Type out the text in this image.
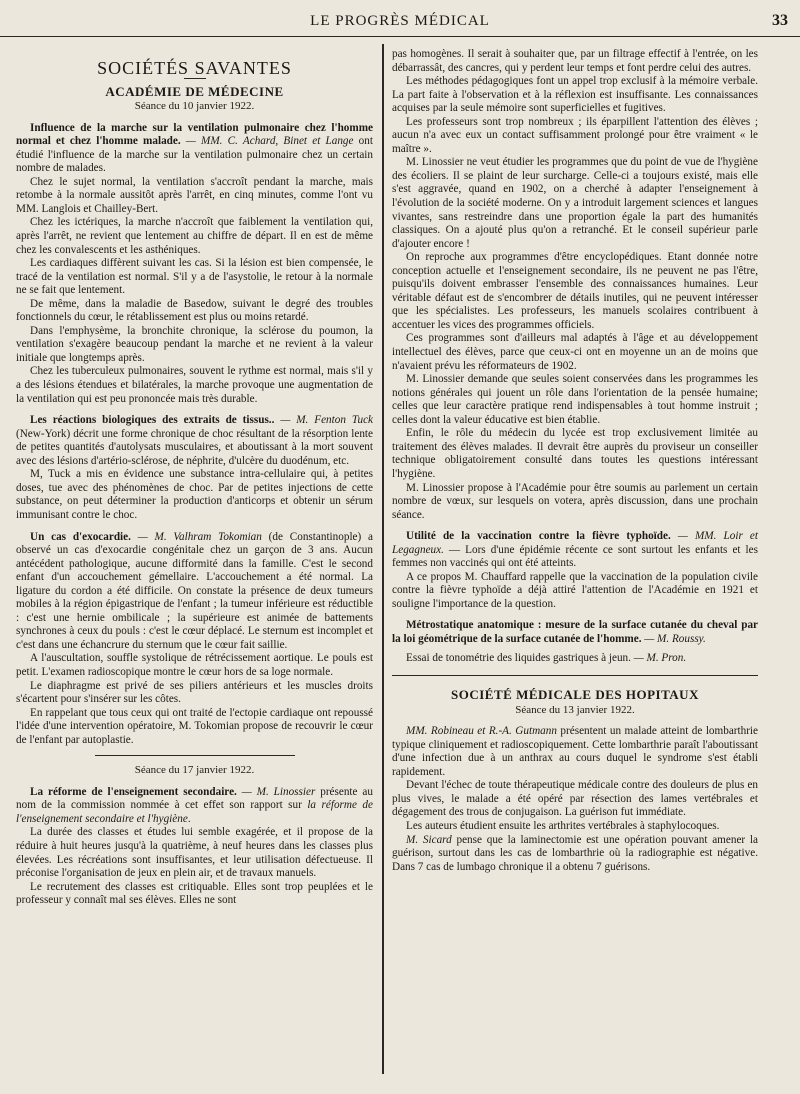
LE PROGRÈS MÉDICAL	33
SOCIÉTÉS SAVANTES
ACADÉMIE DE MÉDECINE
Séance du 10 janvier 1922.

Influence de la marche sur la ventilation pulmonaire chez l'homme normal et chez l'homme malade. — MM. C. Achard, Binet et Lange ont étudié l'influence de la marche sur la ventilation pulmonaire chez un certain nombre de malades.

Chez le sujet normal, la ventilation s'accroît pendant la marche, mais retombe à la normale aussitôt après l'arrêt, en cinq minutes, comme l'ont vu MM. Langlois et Chailley-Bert.

Chez les ictériques, la marche n'accroît que faiblement la ventilation qui, après l'arrêt, ne revient que lentement au chiffre de départ. Il en est de même chez les convalescents et les asthéniques.

Les cardiaques diffèrent suivant les cas. Si la lésion est bien compensée, le tracé de la ventilation est normal. S'il y a de l'asystolie, le retour à la normale ne se fait que lentement.

De même, dans la maladie de Basedow, suivant le degré des troubles fonctionnels du cœur, le rétablissement est plus ou moins retardé.

Dans l'emphysème, la bronchite chronique, la sclérose du poumon, la ventilation s'exagère beaucoup pendant la marche et ne revient à la valeur initiale que longtemps après.

Chez les tuberculeux pulmonaires, souvent le rythme est normal, mais s'il y a des lésions étendues et bilatérales, la marche provoque une augmentation de la ventilation qui est peu prononcée mais très durable.

Les réactions biologiques des extraits de tissus.. — M. Fenton Tuck (New-York) décrit une forme chronique de choc résultant de la résorption lente de petites quantités d'autolysats musculaires, et aboutissant à la mort souvent avec des lésions d'artério-sclérose, de néphrite, d'ulcère du duodénum, etc.

M, Tuck a mis en évidence une substance intra-cellulaire qui, à petites doses, tue avec des phénomènes de choc. Par de petites injections de cette substance, on peut déterminer la production d'anticorps et obtenir un sérum immunisant contre le choc.

Un cas d'exocardie. — M. Valhram Tokomian (de Constantinople) a observé un cas d'exocardie congénitale chez un garçon de 3 ans. Aucun antécédent pathologique, aucune difformité dans la famille. C'est le second enfant d'un accouchement gémellaire. L'accouchement a été normal. La ligature du cordon a été difficile. On constate la présence de deux tumeurs mobiles à la région épigastrique de l'enfant ; la tumeur inférieure est réductible : c'est une hernie ombilicale ; la supérieure est animée de battements synchrones à ceux du pouls : c'est le cœur déplacé. Le sternum est incomplet et c'est dans une échancrure du sternum que le cœur fait saillie.

A l'auscultation, souffle systolique de rétrécissement aortique. Le pouls est petit. L'examen radioscopique montre le cœur hors de sa loge normale.

Le diaphragme est privé de ses piliers antérieurs et les muscles droits s'écartent pour s'insérer sur les côtes.

En rappelant que tous ceux qui ont traité de l'ectopie cardiaque ont repoussé l'idée d'une intervention opératoire, M. Tokomian propose de recouvrir le cœur de l'enfant par autoplastie.

Séance du 17 janvier 1922.

La réforme de l'enseignement secondaire. — M. Linossier présente au nom de la commission nommée à cet effet son rapport sur la réforme de l'enseignement secondaire et l'hygiène.

La durée des classes et études lui semble exagérée, et il propose de la réduire à huit heures jusqu'à la quatrième, à neuf heures dans les classes plus élevées. Les récréations sont insuffisantes, et leur utilisation défectueuse. Il préconise l'organisation de jeux en plein air, et de travaux manuels.

Le recrutement des classes est critiquable. Elles sont trop peuplées et le professeur y connaît mal ses élèves. Elles ne sont

pas homogènes. Il serait à souhaiter que, par un filtrage effectif à l'entrée, on les débarrassât, des cancres, qui y perdent leur temps et font perdre celui des autres.

Les méthodes pédagogiques font un appel trop exclusif à la mémoire verbale. La part faite à l'observation et à la réflexion est insuffisante. Les connaissances acquises par la seule mémoire sont superficielles et fugitives.

Les professeurs sont trop nombreux ; ils éparpillent l'attention des élèves ; aucun n'a avec eux un contact suffisamment prolongé pour être vraiment « le maître ».

M. Linossier ne veut étudier les programmes que du point de vue de l'hygiène des écoliers. Il se plaint de leur surcharge. Celle-ci a toujours existé, mais elle s'est aggravée, quand en 1902, on a cherché à adapter l'enseignement à l'évolution de la société moderne. On y a introduit largement sciences et langues vivantes, sans restreindre dans une proportion égale la part des humanités classiques. On a ajouté plus qu'on a retranché. Et le conseil supérieur parle d'ajouter encore !

On reproche aux programmes d'être encyclopédiques. Etant donnée notre conception actuelle et l'enseignement secondaire, ils ne peuvent ne pas l'être, puisqu'ils doivent embrasser l'ensemble des connaissances humaines. Leur véritable défaut est de s'encombrer de détails inutiles, qui ne peuvent intéresser que les spécialistes. Les professeurs, les manuels scolaires contribuent à accentuer les vices des programmes officiels.

Ces programmes sont d'ailleurs mal adaptés à l'âge et au développement intellectuel des élèves, parce que ceux-ci ont en moyenne un an de moins que n'avaient prévu les réformateurs de 1902.

M. Linossier demande que seules soient conservées dans les programmes les notions générales qui jouent un rôle dans l'orientation de la pensée humaine; celles que leur caractère pratique rend indispensables à tout homme instruit ; celles dont la valeur éducative est bien établie.

Enfin, le rôle du médecin du lycée est trop exclusivement limitée au traitement des élèves malades. Il devrait être auprès du proviseur un conseiller technique obligatoirement consulté dans toutes les questions intéressant l'hygiène.

M. Linossier propose à l'Académie pour être soumis au parlement un certain nombre de vœux, sur lesquels on votera, après discussion, dans une prochain séance.

Utilité de la vaccination contre la fièvre typhoïde. — MM. Loir et Legagneux. — Lors d'une épidémie récente ce sont surtout les enfants et les femmes non vaccinés qui ont été atteints.

A ce propos M. Chauffard rappelle que la vaccination de la population civile contre la fièvre typhoïde a déjà attiré l'attention de l'Académie en 1921 et souligne l'importance de la question.

Métrostatique anatomique : mesure de la surface cutanée du cheval par la loi géométrique de la surface cutanée de l'homme. — M. Roussy.

Essai de tonométrie des liquides gastriques à jeun. — M. Pron.

SOCIÉTÉ MÉDICALE DES HOPITAUX
Séance du 13 janvier 1922.

MM. Robineau et R.-A. Gutmann présentent un malade atteint de lombarthrie typique cliniquement et radioscopiquement. Cette lombarthrie paraît l'aboutissant d'une infection due à un anthrax au cours duquel le syndrome s'est établi rapidement.

Devant l'échec de toute thérapeutique médicale contre des douleurs de plus en plus vives, le malade a été opéré par résection des lames vertébrales et dégagement des trous de conjugaison. La guérison fut immédiate.

Les auteurs étudient ensuite les arthrites vertébrales à staphylocoques.

M. Sicard pense que la laminectomie est une opération pouvant amener la guérison, surtout dans les cas de lombarthrie où la radiographie est négative. Dans 7 cas de lumbago chronique il a obtenu 7 guérisons.
